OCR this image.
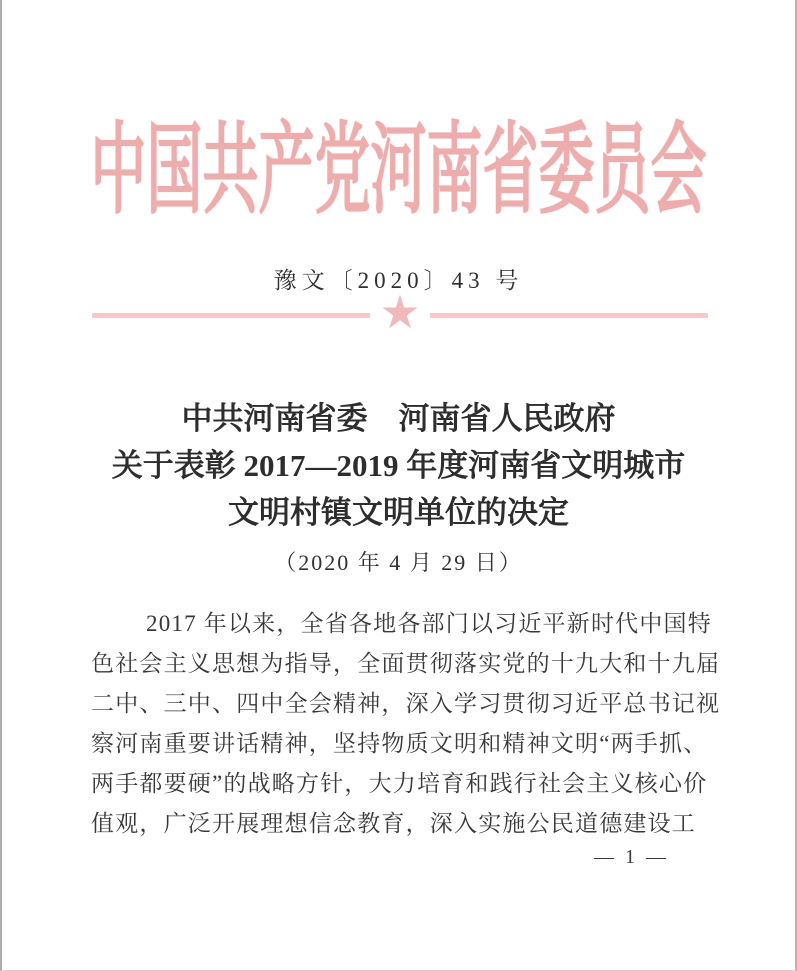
中国共产党河南省委员会
豫文〔2020〕43 号
★
中共河南省委　河南省人民政府
关于表彰 2017—2019 年度河南省文明城市
文明村镇文明单位的决定
（2020 年 4 月 29 日）
2017 年以来，全省各地各部门以习近平新时代中国特
色社会主义思想为指导，全面贯彻落实党的十九大和十九届
二中、三中、四中全会精神，深入学习贯彻习近平总书记视
察河南重要讲话精神，坚持物质文明和精神文明“两手抓、
两手都要硬”的战略方针，大力培育和践行社会主义核心价
值观，广泛开展理想信念教育，深入实施公民道德建设工
— 1 —
